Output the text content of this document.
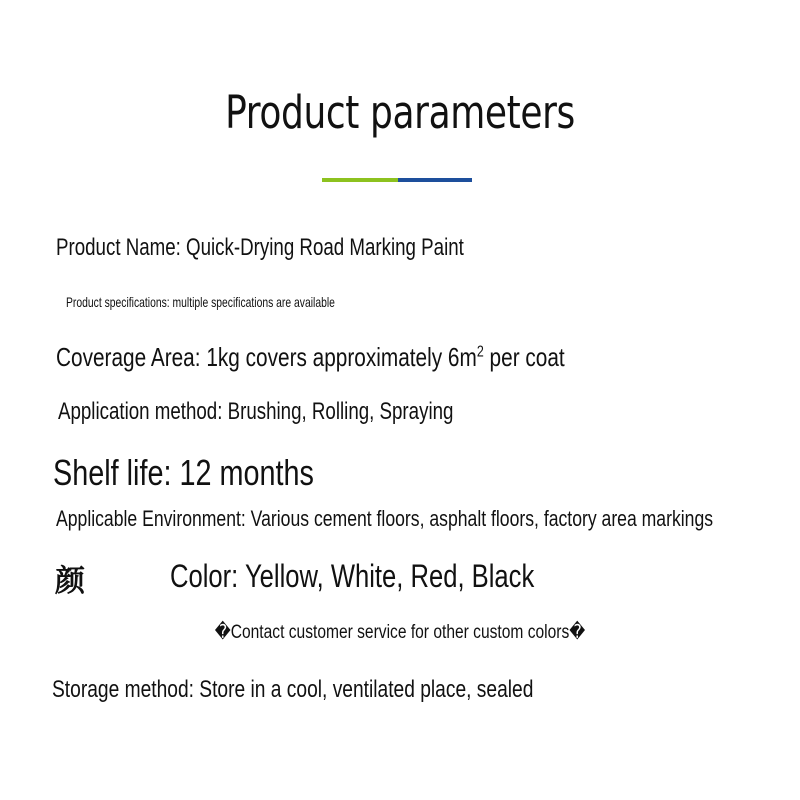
Product parameters
Product Name: Quick-Drying Road Marking Paint
Product specifications: multiple specifications are available
Coverage Area: 1kg covers approximately $6m^2$ per coat
Application method: Brushing, Rolling, Spraying
Shelf life: 12 months
Applicable Environment: Various cement floors, asphalt floors, factory area markings
颜	Color: Yellow, White, Red, Black
�Contact customer service for other custom colors�
Storage method: Store in a cool, ventilated place, sealed
